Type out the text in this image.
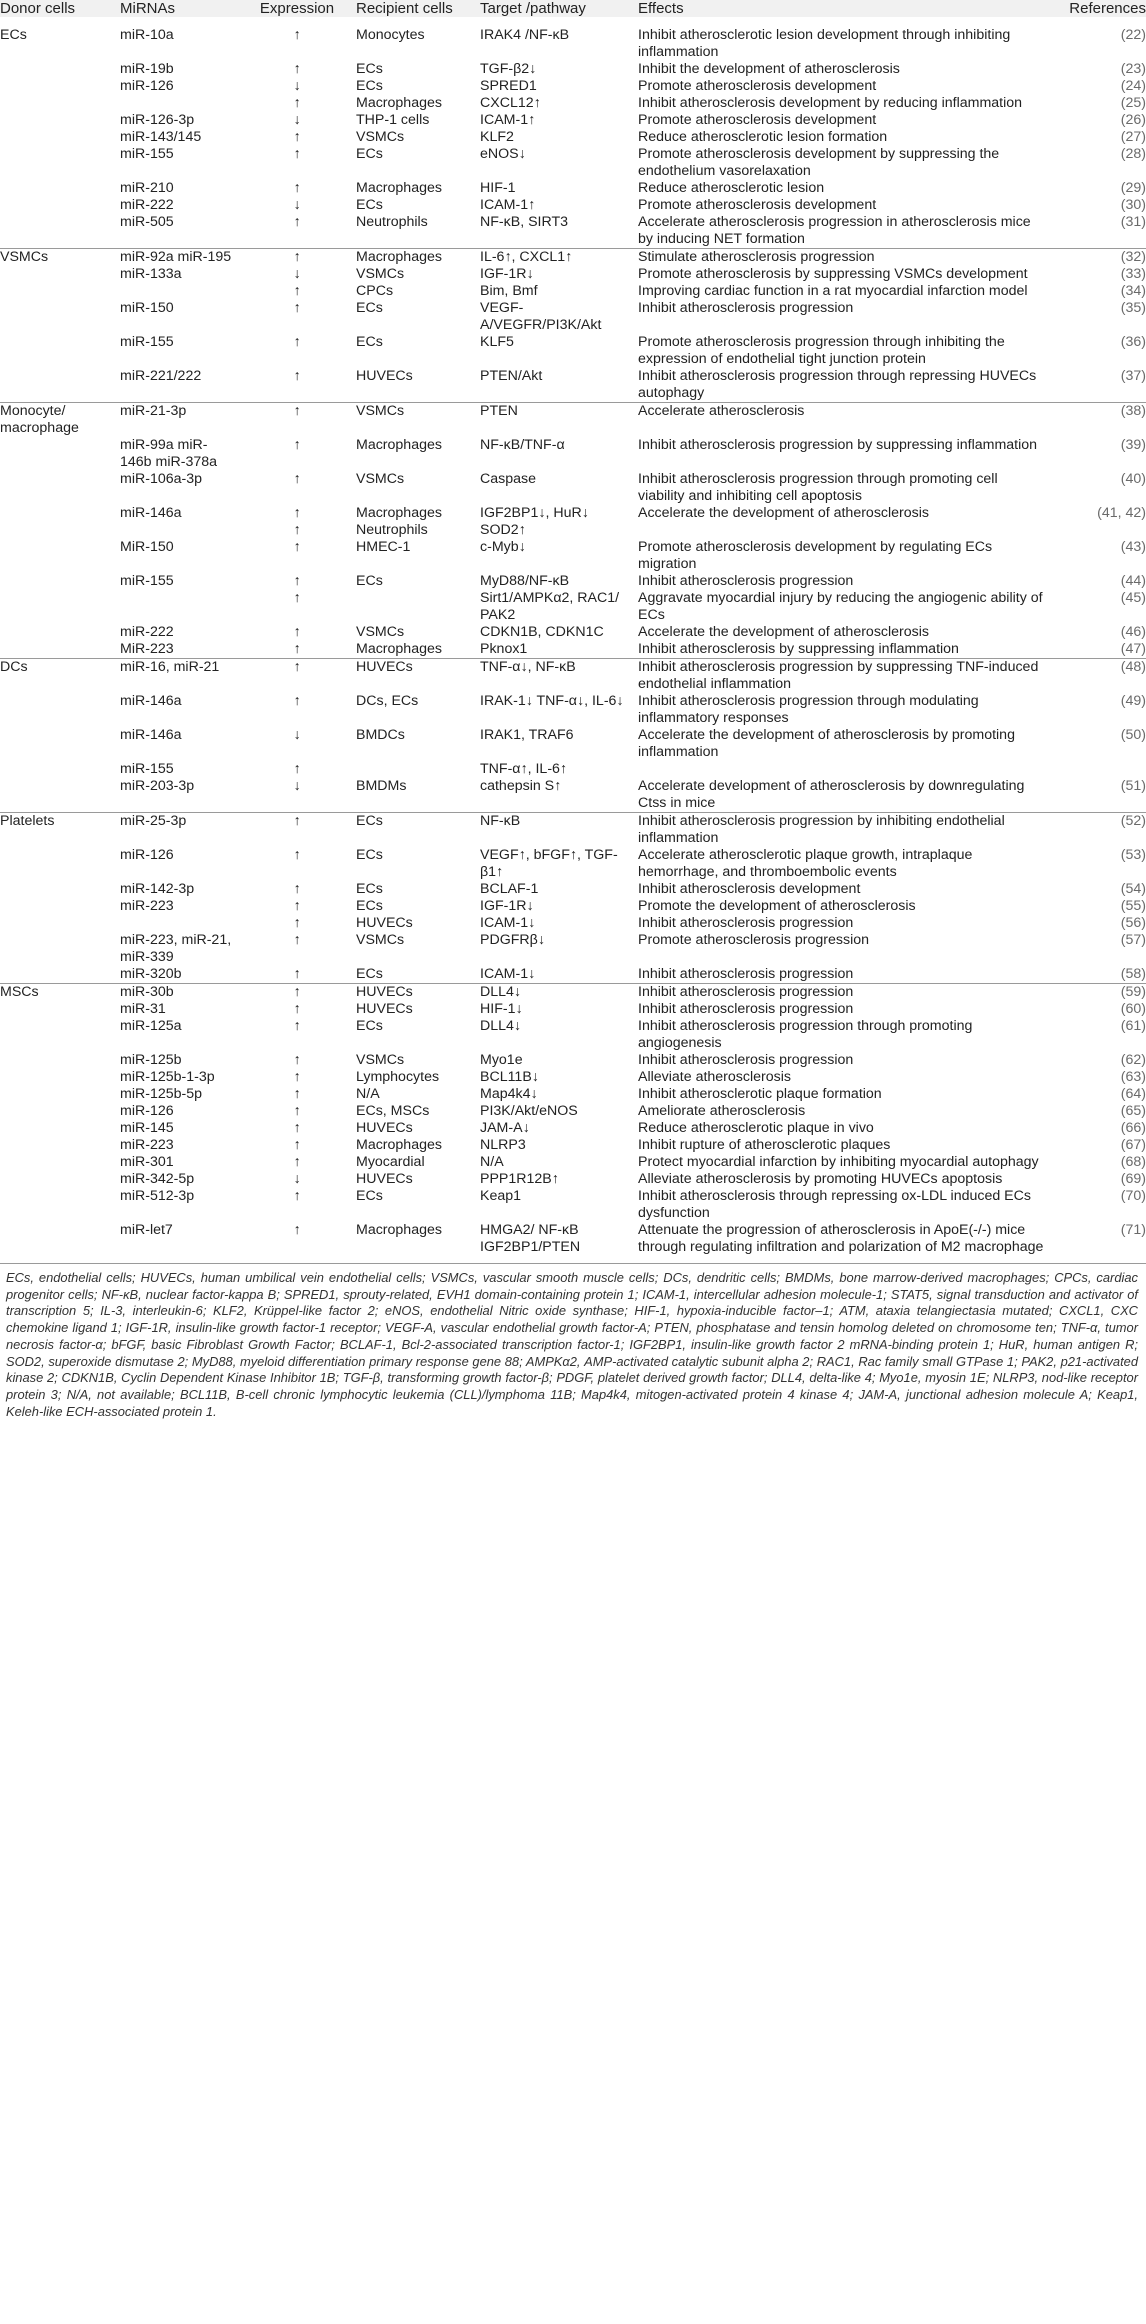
Donor cells	MiRNAs	Expression	Recipient cells	Target /pathway	Effects	References
ECs	miR-10a	↑	Monocytes	IRAK4 /NF-κB	Inhibit atherosclerotic lesion development through inhibiting inflammation	(22)
	miR-19b	↑	ECs	TGF-β2↓	Inhibit the development of atherosclerosis	(23)
	miR-126	↓	ECs	SPRED1	Promote atherosclerosis development	(24)
		↑	Macrophages	CXCL12↑	Inhibit atherosclerosis development by reducing inflammation	(25)
	miR-126-3p	↓	THP-1 cells	ICAM-1↑	Promote atherosclerosis development	(26)
	miR-143/145	↑	VSMCs	KLF2	Reduce atherosclerotic lesion formation	(27)
	miR-155	↑	ECs	eNOS↓	Promote atherosclerosis development by suppressing the endothelium vasorelaxation	(28)
	miR-210	↑	Macrophages	HIF-1	Reduce atherosclerotic lesion	(29)
	miR-222	↓	ECs	ICAM-1↑	Promote atherosclerosis development	(30)
	miR-505	↑	Neutrophils	NF-κB, SIRT3	Accelerate atherosclerosis progression in atherosclerosis mice by inducing NET formation	(31)
VSMCs	miR-92a miR-195	↑	Macrophages	IL-6↑, CXCL1↑	Stimulate atherosclerosis progression	(32)
	miR-133a	↓	VSMCs	IGF-1R↓	Promote atherosclerosis by suppressing VSMCs development	(33)
		↑	CPCs	Bim, Bmf	Improving cardiac function in a rat myocardial infarction model	(34)
	miR-150	↑	ECs	VEGF-A/VEGFR/PI3K/Akt	Inhibit atherosclerosis progression	(35)
	miR-155	↑	ECs	KLF5	Promote atherosclerosis progression through inhibiting the expression of endothelial tight junction protein	(36)
	miR-221/222	↑	HUVECs	PTEN/Akt	Inhibit atherosclerosis progression through repressing HUVECs autophagy	(37)
Monocyte/ macrophage	miR-21-3p	↑	VSMCs	PTEN	Accelerate atherosclerosis	(38)
	miR-99a miR-146b miR-378a	↑	Macrophages	NF-κB/TNF-α	Inhibit atherosclerosis progression by suppressing inflammation	(39)
	miR-106a-3p	↑	VSMCs	Caspase	Inhibit atherosclerosis progression through promoting cell viability and inhibiting cell apoptosis	(40)
	miR-146a	↑	Macrophages	IGF2BP1↓, HuR↓	Accelerate the development of atherosclerosis	(41, 42)
		↑	Neutrophils	SOD2↑		
	MiR-150	↑	HMEC-1	c-Myb↓	Promote atherosclerosis development by regulating ECs migration	(43)
	miR-155	↑	ECs	MyD88/NF-κB	Inhibit atherosclerosis progression	(44)
		↑		Sirt1/AMPKα2, RAC1/ PAK2	Aggravate myocardial injury by reducing the angiogenic ability of ECs	(45)
	miR-222	↑	VSMCs	CDKN1B, CDKN1C	Accelerate the development of atherosclerosis	(46)
	MiR-223	↑	Macrophages	Pknox1	Inhibit atherosclerosis by suppressing inflammation	(47)
DCs	miR-16, miR-21	↑	HUVECs	TNF-α↓, NF-κB	Inhibit atherosclerosis progression by suppressing TNF-induced endothelial inflammation	(48)
	miR-146a	↑	DCs, ECs	IRAK-1↓ TNF-α↓, IL-6↓	Inhibit atherosclerosis progression through modulating inflammatory responses	(49)
	miR-146a	↓	BMDCs	IRAK1, TRAF6	Accelerate the development of atherosclerosis by promoting inflammation	(50)
	miR-155	↑		TNF-α↑, IL-6↑		
	miR-203-3p	↓	BMDMs	cathepsin S↑	Accelerate development of atherosclerosis by downregulating Ctss in mice	(51)
Platelets	miR-25-3p	↑	ECs	NF-κB	Inhibit atherosclerosis progression by inhibiting endothelial inflammation	(52)
	miR-126	↑	ECs	VEGF↑, bFGF↑, TGF-β1↑	Accelerate atherosclerotic plaque growth, intraplaque hemorrhage, and thromboembolic events	(53)
	miR-142-3p	↑	ECs	BCLAF-1	Inhibit atherosclerosis development	(54)
	miR-223	↑	ECs	IGF-1R↓	Promote the development of atherosclerosis	(55)
		↑	HUVECs	ICAM-1↓	Inhibit atherosclerosis progression	(56)
	miR-223, miR-21, miR-339	↑	VSMCs	PDGFRβ↓	Promote atherosclerosis progression	(57)
	miR-320b	↑	ECs	ICAM-1↓	Inhibit atherosclerosis progression	(58)
MSCs	miR-30b	↑	HUVECs	DLL4↓	Inhibit atherosclerosis progression	(59)
	miR-31	↑	HUVECs	HIF-1↓	Inhibit atherosclerosis progression	(60)
	miR-125a	↑	ECs	DLL4↓	Inhibit atherosclerosis progression through promoting angiogenesis	(61)
	miR-125b	↑	VSMCs	Myo1e	Inhibit atherosclerosis progression	(62)
	miR-125b-1-3p	↑	Lymphocytes	BCL11B↓	Alleviate atherosclerosis	(63)
	miR-125b-5p	↑	N/A	Map4k4↓	Inhibit atherosclerotic plaque formation	(64)
	miR-126	↑	ECs, MSCs	PI3K/Akt/eNOS	Ameliorate atherosclerosis	(65)
	miR-145	↑	HUVECs	JAM-A↓	Reduce atherosclerotic plaque in vivo	(66)
	miR-223	↑	Macrophages	NLRP3	Inhibit rupture of atherosclerotic plaques	(67)
	miR-301	↑	Myocardial	N/A	Protect myocardial infarction by inhibiting myocardial autophagy	(68)
	miR-342-5p	↓	HUVECs	PPP1R12B↑	Alleviate atherosclerosis by promoting HUVECs apoptosis	(69)
	miR-512-3p	↑	ECs	Keap1	Inhibit atherosclerosis through repressing ox-LDL induced ECs dysfunction	(70)
	miR-let7	↑	Macrophages	HMGA2/ NF-κB IGF2BP1/PTEN	Attenuate the progression of atherosclerosis in ApoE(-/-) mice through regulating infiltration and polarization of M2 macrophage	(71)
ECs, endothelial cells; HUVECs, human umbilical vein endothelial cells; VSMCs, vascular smooth muscle cells; DCs, dendritic cells; BMDMs, bone marrow-derived macrophages; CPCs, cardiac progenitor cells; NF-κB, nuclear factor-kappa B; SPRED1, sprouty-related, EVH1 domain-containing protein 1; ICAM-1, intercellular adhesion molecule-1; STAT5, signal transduction and activator of transcription 5; IL-3, interleukin-6; KLF2, Krüppel-like factor 2; eNOS, endothelial Nitric oxide synthase; HIF-1, hypoxia-inducible factor–1; ATM, ataxia telangiectasia mutated; CXCL1, CXC chemokine ligand 1; IGF-1R, insulin-like growth factor-1 receptor; VEGF-A, vascular endothelial growth factor-A; PTEN, phosphatase and tensin homolog deleted on chromosome ten; TNF-α, tumor necrosis factor-α; bFGF, basic Fibroblast Growth Factor; BCLAF-1, Bcl-2-associated transcription factor-1; IGF2BP1, insulin-like growth factor 2 mRNA-binding protein 1; HuR, human antigen R; SOD2, superoxide dismutase 2; MyD88, myeloid differentiation primary response gene 88; AMPKα2, AMP-activated catalytic subunit alpha 2; RAC1, Rac family small GTPase 1; PAK2, p21-activated kinase 2; CDKN1B, Cyclin Dependent Kinase Inhibitor 1B; TGF-β, transforming growth factor-β; PDGF, platelet derived growth factor; DLL4, delta-like 4; Myo1e, myosin 1E; NLRP3, nod-like receptor protein 3; N/A, not available; BCL11B, B-cell chronic lymphocytic leukemia (CLL)/lymphoma 11B; Map4k4, mitogen-activated protein 4 kinase 4; JAM-A, junctional adhesion molecule A; Keap1, Keleh-like ECH-associated protein 1.
